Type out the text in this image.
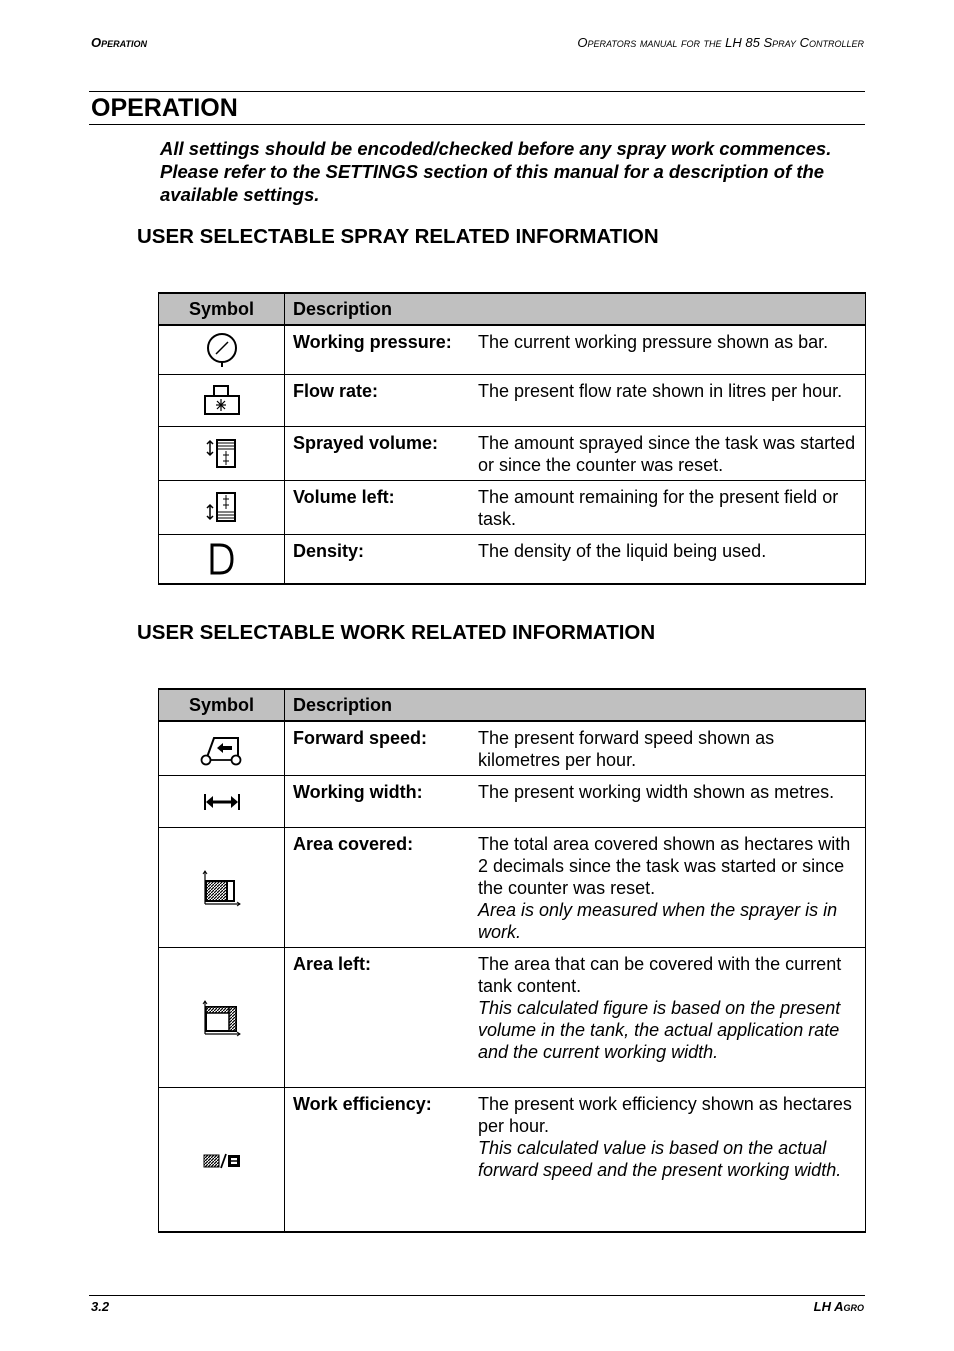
Operation	Operators manual for the LH 85 Spray Controller
OPERATION

All settings should be encoded/checked before any spray work commences. Please refer to the SETTINGS section of this manual for a description of the available settings.

USER SELECTABLE SPRAY RELATED INFORMATION
Symbol	Description

Working pressure: The current working pressure shown as bar.

Flow rate: The present flow rate shown in litres per hour.

Sprayed volume: The amount sprayed since the task was started or since the counter was reset.

Volume left: The amount remaining for the present field or task.

Density: The density of the liquid being used.
USER SELECTABLE WORK RELATED INFORMATION
Symbol	Description

Forward speed: The present forward speed shown as kilometres per hour.

Working width: The present working width shown as metres.

Area covered: The total area covered shown as hectares with 2 decimals since the task was started or since the counter was reset.
Area is only measured when the sprayer is in work.

Area left: The area that can be covered with the current tank content.
This calculated figure is based on the present volume in the tank, the actual application rate and the current working width.

Work efficiency: The present work efficiency shown as hectares per hour.
This calculated value is based on the actual forward speed and the present working width.
3.2	LH Agro
